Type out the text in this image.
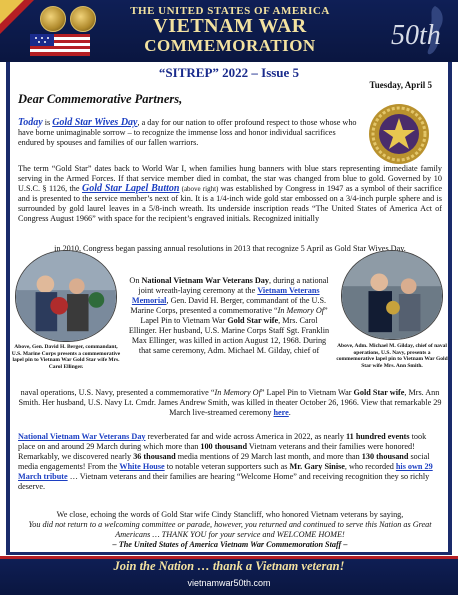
THE UNITED STATES OF AMERICA
VIETNAM WAR
COMMEMORATION	50th
“SITREP” 2022 – Issue 5
Tuesday, April 5
Dear Commemorative Partners,
Today is Gold Star Wives Day, a day for our nation to offer profound respect to those whose who have borne unimaginable sorrow – to recognize the immense loss and honor individual sacrifices endured by spouses and families of our fallen warriors.
The term “Gold Star” dates back to World War I, when families hung banners with blue stars representing immediate family serving in the Armed Forces. If that service member died in combat, the star was changed from blue to gold. Governed by 10 U.S.C. § 1126, the Gold Star Lapel Button (above right) was established by Congress in 1947 as a symbol of their sacrifice and is presented to the service member’s next of kin. It is a 1/4-inch wide gold star embossed on a 3/4-inch purple sphere and is surrounded by gold laurel leaves in a 5/8-inch wreath. Its underside inscription reads “The United States of America Act of Congress August 1966” with space for the recipient’s engraved initials. Recognized initially
in 2010, Congress began passing annual resolutions in 2013 that recognize 5 April as Gold Star Wives Day.
Above, Gen. David H. Berger, commandant, U.S. Marine Corps presents a commemorative lapel pin to Vietnam War Gold Star wife Mrs. Carol Ellinger.
Above, Adm. Michael M. Gilday, chief of naval operations, U.S. Navy, presents a commemorative lapel pin to Vietnam War Gold Star wife Mrs. Ann Smith.
On National Vietnam War Veterans Day, during a national joint wreath-laying ceremony at the Vietnam Veterans Memorial, Gen. David H. Berger, commandant of the U.S. Marine Corps, presented a commemorative “In Memory Of” Lapel Pin to Vietnam War Gold Star wife, Mrs. Carol Ellinger. Her husband, U.S. Marine Corps Staff Sgt. Franklin Max Ellinger, was killed in action August 12, 1968. During that same ceremony, Adm. Michael M. Gilday, chief of
naval operations, U.S. Navy, presented a commemorative “In Memory Of” Lapel Pin to Vietnam War Gold Star wife, Mrs. Ann Smith. Her husband, U.S. Navy Lt. Cmdr. James Andrew Smith, was killed in theater October 26, 1966. View that remarkable 29 March live-streamed ceremony here.
National Vietnam War Veterans Day reverberated far and wide across America in 2022, as nearly 11 hundred events took place on and around 29 March during which more than 100 thousand Vietnam veterans and their families were honored! Remarkably, we discovered nearly 36 thousand media mentions of 29 March last month, and more than 130 thousand social media engagements! From the White House to notable veteran supporters such as Mr. Gary Sinise, who recorded his own 29 March tribute … Vietnam veterans and their families are hearing “Welcome Home” and receiving recognition they so richly deserve.
We close, echoing the words of Gold Star wife Cindy Stancliff, who honored Vietnam veterans by saying,
You did not return to a welcoming committee or parade, however, you returned and continued to serve this Nation as Great Americans … THANK YOU for your service and WELCOME HOME!
– The United States of America Vietnam War Commemoration Staff –
Join the Nation … thank a Vietnam veteran!
vietnamwar50th.com
